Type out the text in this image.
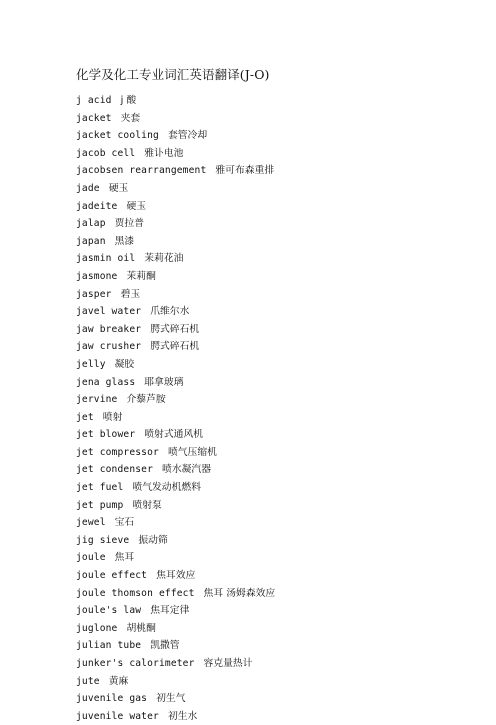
化学及化工专业词汇英语翻译(J-O)
j acid j 酸
jacket 夹套
jacket cooling 套管冷却
jacob cell 雅讣电池
jacobsen rearrangement 雅可布森重排
jade 硬玉
jadeite 硬玉
jalap 贾拉普
japan 黑漆
jasmin oil 茉莉花油
jasmone 茉莉酮
jasper 碧玉
javel water 爪维尔水
jaw breaker 腭式碎石机
jaw crusher 腭式碎石机
jelly 凝胶
jena glass 耶拿玻璃
jervine 介藜芦胺
jet 喷射
jet blower 喷射式通风机
jet compressor 喷气压缩机
jet condenser 喷水凝汽器
jet fuel 喷气发动机燃料
jet pump 喷射泵
jewel 宝石
jig sieve 振动筛
joule 焦耳
joule effect 焦耳效应
joule thomson effect 焦耳 汤姆森效应
joule's law 焦耳定律
juglone 胡桃酮
julian tube 凯撒管
junker's calorimeter 容克量热计
jute 黄麻
juvenile gas 初生气
juvenile water 初生水
